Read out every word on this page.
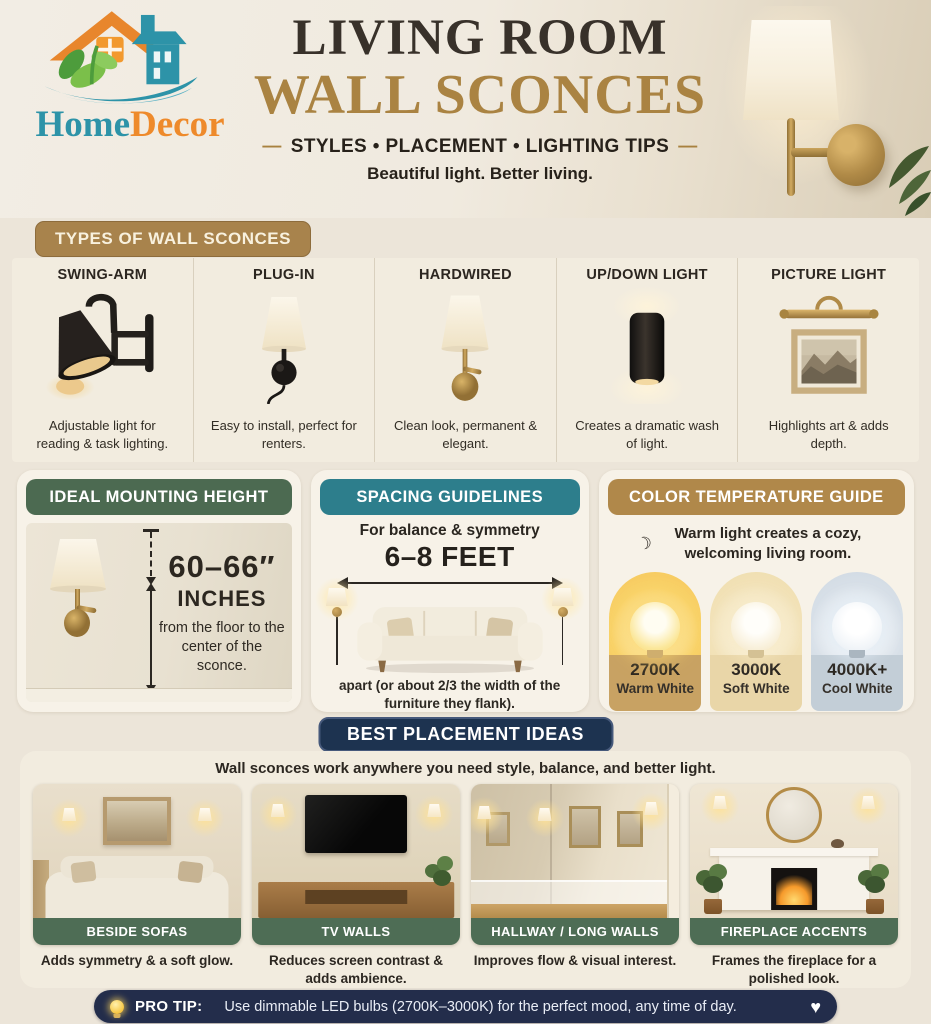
HomeDecor
LIVING ROOM
WALL SCONCES
— STYLES • PLACEMENT • LIGHTING TIPS —
Beautiful light. Better living.
TYPES OF WALL SCONCES
SWING-ARM
Adjustable light for reading & task lighting.
PLUG-IN
Easy to install, perfect for renters.
HARDWIRED
Clean look, permanent & elegant.
UP/DOWN LIGHT
Creates a dramatic wash of light.
PICTURE LIGHT
Highlights art & adds depth.
IDEAL MOUNTING HEIGHT
60–66″
INCHES
from the floor to the center of the sconce.
SPACING GUIDELINES
For balance & symmetry
6–8 FEET
apart (or about 2/3 the width of the furniture they flank).
COLOR TEMPERATURE GUIDE
☽	Warm light creates a cozy, welcoming living room.
2700K
Warm White
3000K
Soft White
4000K+
Cool White
BEST PLACEMENT IDEAS
Wall sconces work anywhere you need style, balance, and better light.
BESIDE SOFAS
Adds symmetry & a soft glow.
TV WALLS
Reduces screen contrast & adds ambience.
HALLWAY / LONG WALLS
Improves flow & visual interest.
FIREPLACE ACCENTS
Frames the fireplace for a polished look.
PRO TIP: Use dimmable LED bulbs (2700K–3000K) for the perfect mood, any time of day.	♥
